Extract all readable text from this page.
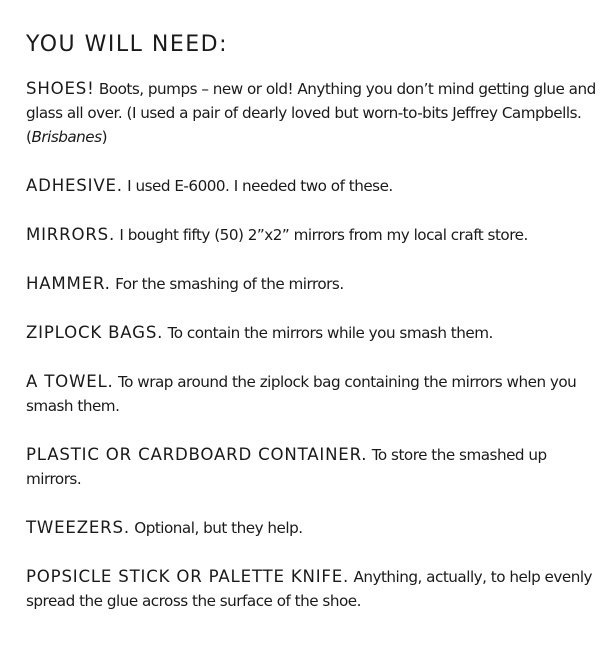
YOU WILL NEED:

SHOES! Boots, pumps – new or old! Anything you don’t mind getting glue and glass all over. (I used a pair of dearly loved but worn-to-bits Jeffrey Campbells. (Brisbanes)

ADHESIVE. I used E-6000. I needed two of these.

MIRRORS. I bought fifty (50) 2”x2” mirrors from my local craft store.

HAMMER. For the smashing of the mirrors.

ZIPLOCK BAGS. To contain the mirrors while you smash them.

A TOWEL. To wrap around the ziplock bag containing the mirrors when you smash them.

PLASTIC OR CARDBOARD CONTAINER. To store the smashed up mirrors.

TWEEZERS. Optional, but they help.

POPSICLE STICK OR PALETTE KNIFE. Anything, actually, to help evenly spread the glue across the surface of the shoe.
